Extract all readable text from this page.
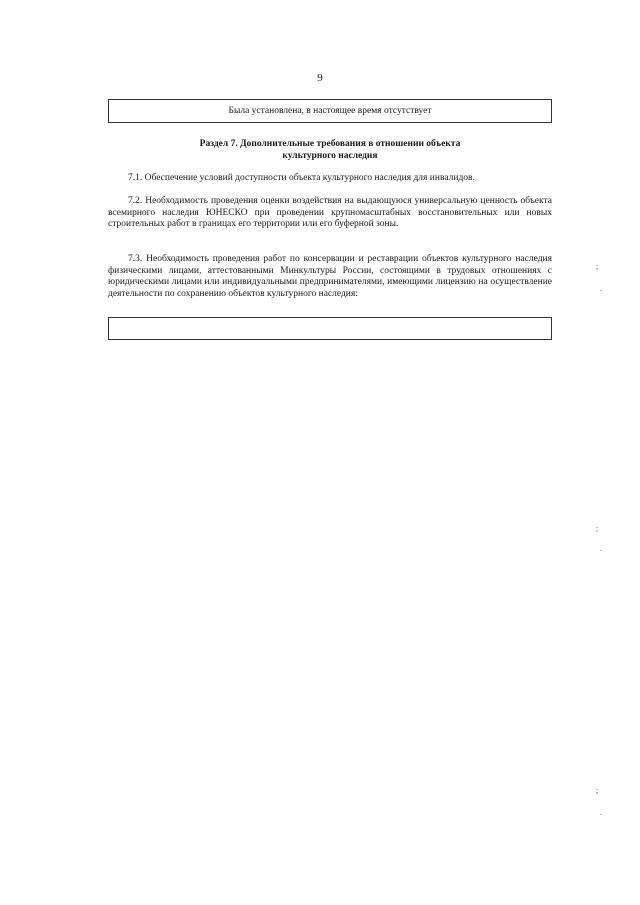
9
Была установлена, в настоящее время отсутствует
Раздел 7. Дополнительные требования в отношении объекта
культурного наследия

7.1. Обеспечение условий доступности объекта культурного наследия для инвалидов.

7.2. Необходимость проведения оценки воздействия на выдающуюся универсальную ценность объекта всемирного наследия ЮНЕСКО при проведении крупномасштабных восстановительных или новых строительных работ в границах его территории или его буферной зоны.

7.3. Необходимость проведения работ по консервации и реставрации объектов культурного наследия физическими лицами, аттестованными Минкультуры России, состоящими в трудовых отношениях с юридическими лицами или индивидуальными предпринимателями, имеющими лицензию на осуществление деятельности по сохранению объектов культурного наследия:

;
.
;
.
;
.
